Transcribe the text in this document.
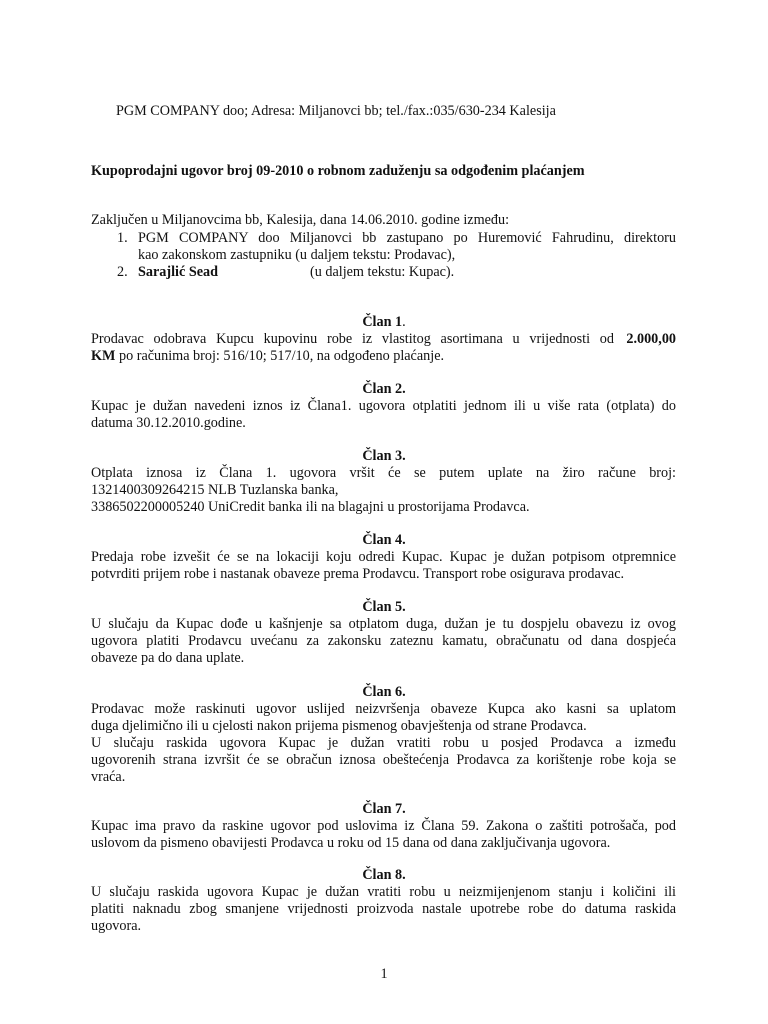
PGM COMPANY doo; Adresa: Miljanovci bb; tel./fax.:035/630-234 Kalesija
Kupoprodajni ugovor broj 09-2010 o robnom zaduženju sa odgođenim plaćanjem
Zaključen u Miljanovcima bb, Kalesija, dana 14.06.2010. godine između:
1. PGM COMPANY doo Miljanovci bb zastupano po Huremović Fahrudinu, direktoru
kao zakonskom zastupniku (u daljem tekstu: Prodavac),
2. Sarajlić Sead	(u daljem tekstu: Kupac).
Član 1.
Prodavac odobrava Kupcu kupovinu robe iz vlastitog asortimana u vrijednosti od 2.000,00
KM po računima broj: 516/10; 517/10, na odgođeno plaćanje.
Član 2.
Kupac je dužan navedeni iznos iz Člana1. ugovora otplatiti jednom ili u više rata (otplata) do
datuma 30.12.2010.godine.
Član 3.
Otplata iznosa iz Člana 1. ugovora vršit će se putem uplate na žiro račune broj:
1321400309264215 NLB Tuzlanska banka,
3386502200005240 UniCredit banka ili na blagajni u prostorijama Prodavca.
Član 4.
Predaja robe izvešit će se na lokaciji koju odredi Kupac. Kupac je dužan potpisom otpremnice
potvrditi prijem robe i nastanak obaveze prema Prodavcu. Transport robe osigurava prodavac.
Član 5.
U slučaju da Kupac dođe u kašnjenje sa otplatom duga, dužan je tu dospjelu obavezu iz ovog
ugovora platiti Prodavcu uvećanu za zakonsku zateznu kamatu, obračunatu od dana dospjeća
obaveze pa do dana uplate.
Član 6.
Prodavac može raskinuti ugovor uslijed neizvršenja obaveze Kupca ako kasni sa uplatom
duga djelimično ili u cjelosti nakon prijema pismenog obavještenja od strane Prodavca.
U slučaju raskida ugovora Kupac je dužan vratiti robu u posjed Prodavca a između
ugovorenih strana izvršit će se obračun iznosa obeštećenja Prodavca za korištenje robe koja se
vraća.
Član 7.
Kupac ima pravo da raskine ugovor pod uslovima iz Člana 59. Zakona o zaštiti potrošača, pod
uslovom da pismeno obavijesti Prodavca u roku od 15 dana od dana zaključivanja ugovora.
Član 8.
U slučaju raskida ugovora Kupac je dužan vratiti robu u neizmijenjenom stanju i količini ili
platiti naknadu zbog smanjene vrijednosti proizvoda nastale upotrebe robe do datuma raskida
ugovora.
1
